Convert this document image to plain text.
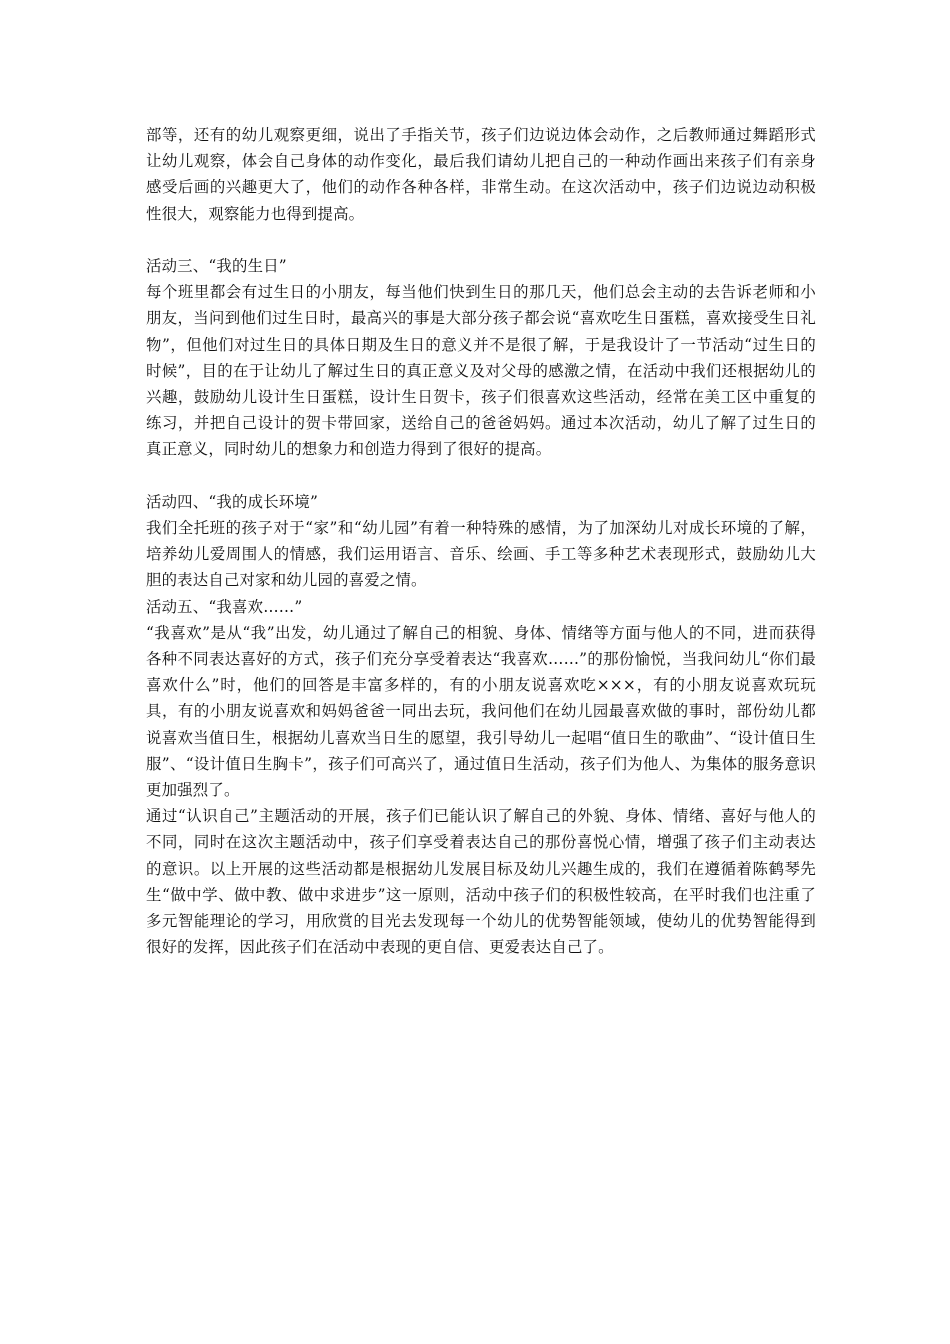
部等，还有的幼儿观察更细，说出了手指关节，孩子们边说边体会动作，之后教师通过舞蹈形式让幼儿观察，体会自己身体的动作变化，最后我们请幼儿把自己的一种动作画出来孩子们有亲身感受后画的兴趣更大了，他们的动作各种各样，非常生动。在这次活动中，孩子们边说边动积极性很大，观察能力也得到提高。

活动三、“我的生日”

每个班里都会有过生日的小朋友，每当他们快到生日的那几天，他们总会主动的去告诉老师和小朋友，当问到他们过生日时，最高兴的事是大部分孩子都会说“喜欢吃生日蛋糕，喜欢接受生日礼物”，但他们对过生日的具体日期及生日的意义并不是很了解，于是我设计了一节活动“过生日的时候”，目的在于让幼儿了解过生日的真正意义及对父母的感激之情，在活动中我们还根据幼儿的兴趣，鼓励幼儿设计生日蛋糕，设计生日贺卡，孩子们很喜欢这些活动，经常在美工区中重复的练习，并把自己设计的贺卡带回家，送给自己的爸爸妈妈。通过本次活动，幼儿了解了过生日的真正意义，同时幼儿的想象力和创造力得到了很好的提高。

活动四、“我的成长环境”

我们全托班的孩子对于“家”和“幼儿园”有着一种特殊的感情，为了加深幼儿对成长环境的了解，培养幼儿爱周围人的情感，我们运用语言、音乐、绘画、手工等多种艺术表现形式，鼓励幼儿大胆的表达自己对家和幼儿园的喜爱之情。

活动五、“我喜欢……”

“我喜欢”是从“我”出发，幼儿通过了解自己的相貌、身体、情绪等方面与他人的不同，进而获得各种不同表达喜好的方式，孩子们充分享受着表达“我喜欢……”的那份愉悦，当我问幼儿“你们最喜欢什么”时，他们的回答是丰富多样的，有的小朋友说喜欢吃×××，有的小朋友说喜欢玩玩具，有的小朋友说喜欢和妈妈爸爸一同出去玩，我问他们在幼儿园最喜欢做的事时，部份幼儿都说喜欢当值日生，根据幼儿喜欢当日生的愿望，我引导幼儿一起唱“值日生的歌曲”、“设计值日生服”、“设计值日生胸卡”，孩子们可高兴了，通过值日生活动，孩子们为他人、为集体的服务意识更加强烈了。

通过“认识自己”主题活动的开展，孩子们已能认识了解自己的外貌、身体、情绪、喜好与他人的不同，同时在这次主题活动中，孩子们享受着表达自己的那份喜悦心情，增强了孩子们主动表达的意识。以上开展的这些活动都是根据幼儿发展目标及幼儿兴趣生成的，我们在遵循着陈鹤琴先生“做中学、做中教、做中求进步”这一原则，活动中孩子们的积极性较高，在平时我们也注重了多元智能理论的学习，用欣赏的目光去发现每一个幼儿的优势智能领域，使幼儿的优势智能得到很好的发挥，因此孩子们在活动中表现的更自信、更爱表达自己了。
